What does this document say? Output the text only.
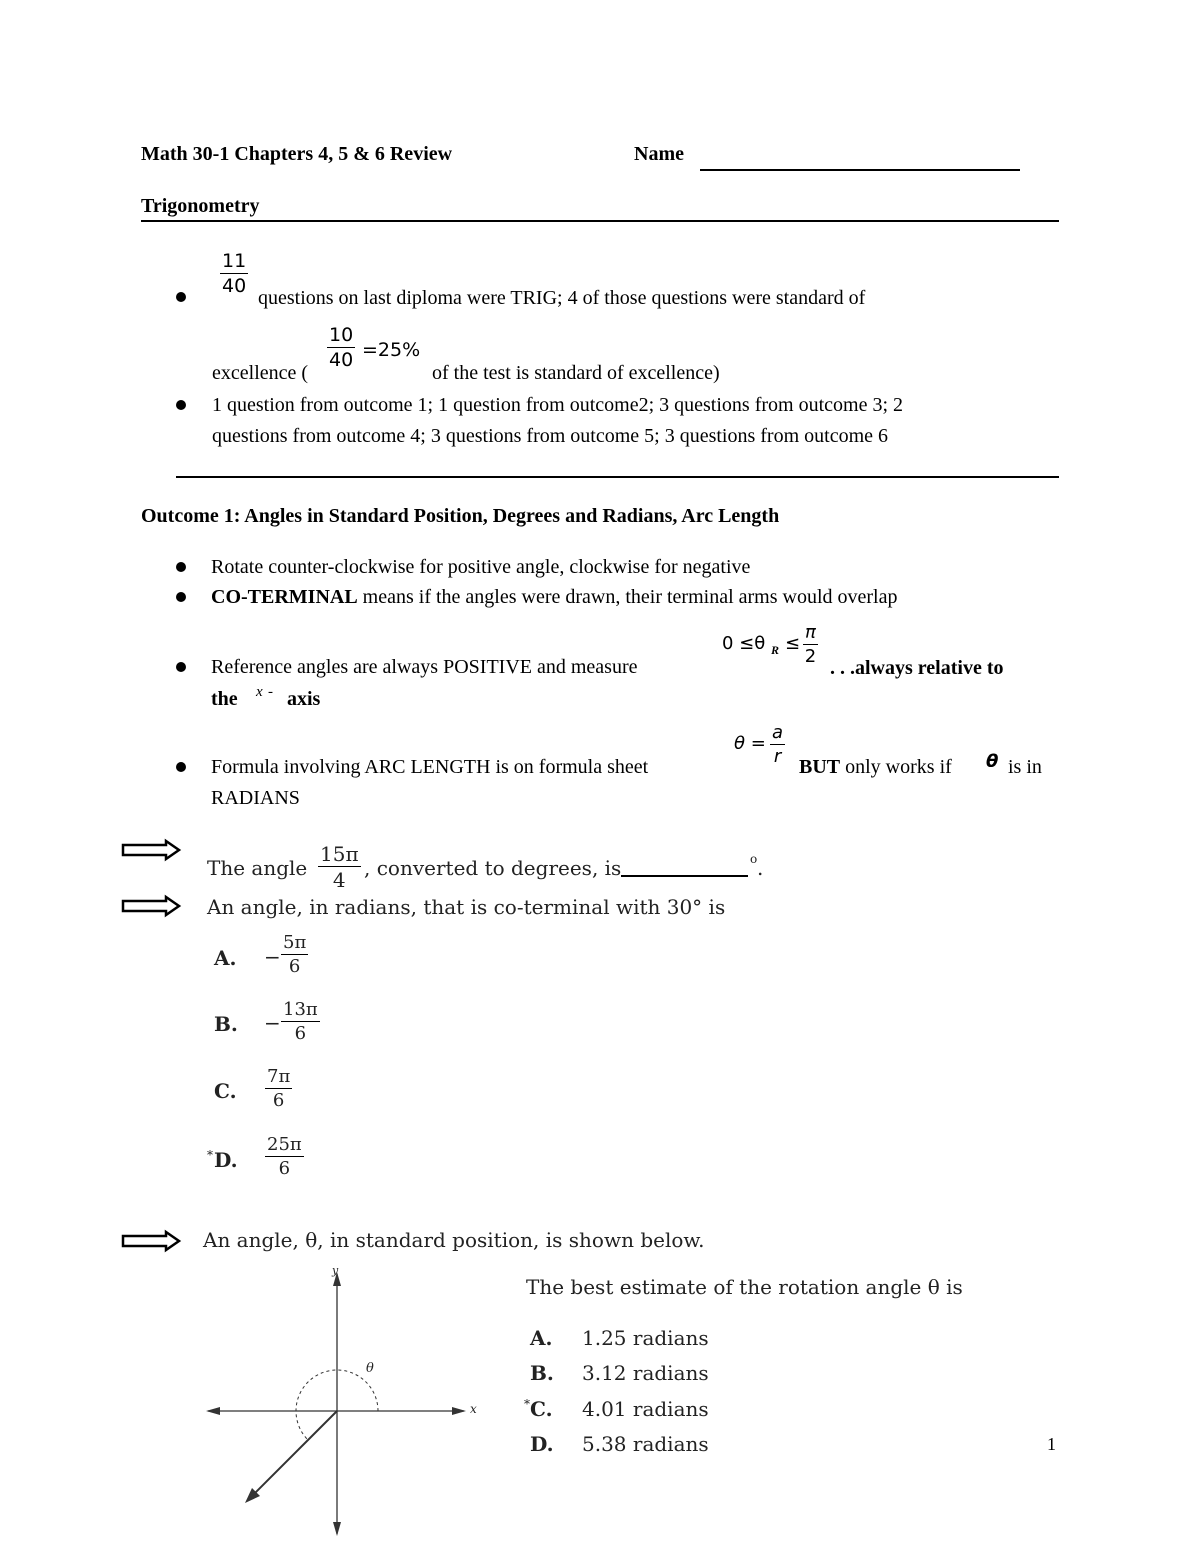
Math 30-1 Chapters 4, 5 & 6 Review	Name
Trigonometry
$\frac{11}{40}$
questions on last diploma were TRIG; 4 of those questions were standard of
$\frac{10}{40} =25\%$
excellence (	of the test is standard of excellence)
1 question from outcome 1; 1 question from outcome2; 3 questions from outcome 3; 2
questions from outcome 4; 3 questions from outcome 5; 3 questions from outcome 6
Outcome 1: Angles in Standard Position, Degrees and Radians, Arc Length
Rotate counter-clockwise for positive angle, clockwise for negative
CO-TERMINAL means if the angles were drawn, their terminal arms would overlap
Reference angles are always POSITIVE and measure
0 ≤θ $R \le \frac{\pi}{2}$
. . .always relative to
the x - axis
Formula involving ARC LENGTH is on formula sheet
$\theta = \frac{a}{r}$
BUT only works if θ is in
RADIANS
The angle $\frac{15\pi}{4}$ , converted to degrees, is	o .
An angle, in radians, that is co-terminal with 30° is
A. − $\frac{5\pi}{6}$
B. − $\frac{13\pi}{6}$
C. $\frac{7\pi}{6}$
* D. $\frac{25\pi}{6}$
An angle, θ, in standard position, is shown below.
y
x
θ
The best estimate of the rotation angle θ is
A. 1.25 radians
B. 3.12 radians
* C. 4.01 radians
D. 5.38 radians	1
